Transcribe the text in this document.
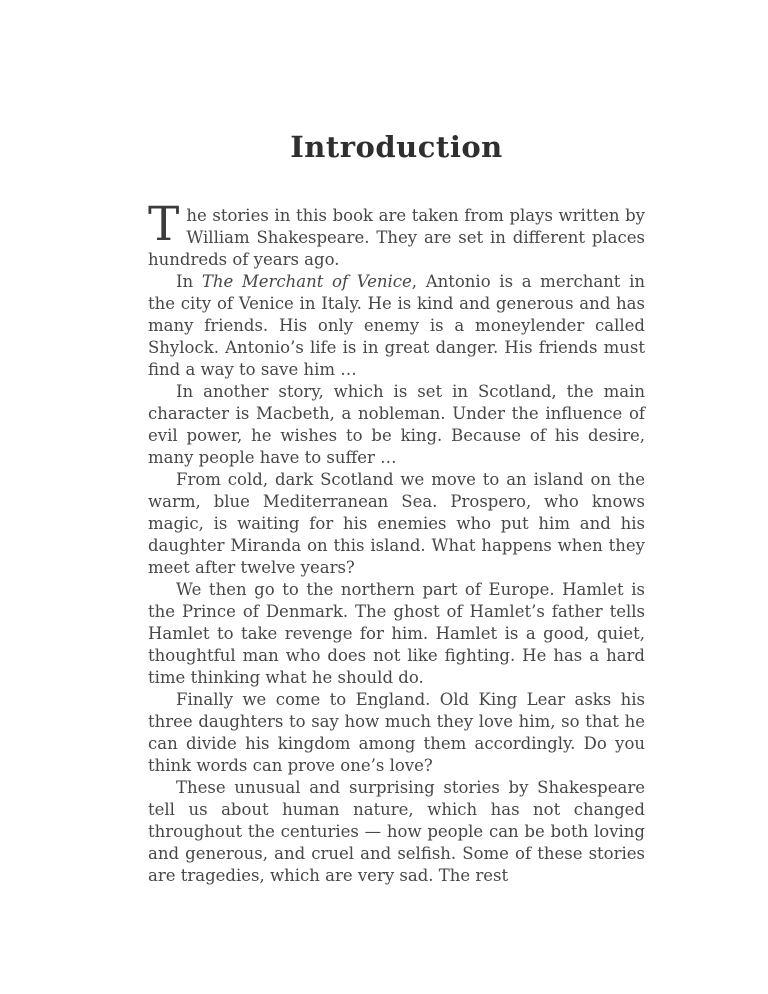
Introduction

The stories in this book are taken from plays written by William Shakespeare. They are set in different places hundreds of years ago.

In The Merchant of Venice, Antonio is a merchant in the city of Venice in Italy. He is kind and generous and has many friends. His only enemy is a moneylender called Shylock. Antonio’s life is in great danger. His friends must find a way to save him …

In another story, which is set in Scotland, the main character is Macbeth, a nobleman. Under the influence of evil power, he wishes to be king. Because of his desire, many people have to suffer …

From cold, dark Scotland we move to an island on the warm, blue Mediterranean Sea. Prospero, who knows magic, is waiting for his enemies who put him and his daughter Miranda on this island. What happens when they meet after twelve years?

We then go to the northern part of Europe. Hamlet is the Prince of Denmark. The ghost of Hamlet’s father tells Hamlet to take revenge for him. Hamlet is a good, quiet, thoughtful man who does not like fighting. He has a hard time thinking what he should do.

Finally we come to England. Old King Lear asks his three daughters to say how much they love him, so that he can divide his kingdom among them accordingly. Do you think words can prove one’s love?

These unusual and surprising stories by Shakespeare tell us about human nature, which has not changed throughout the centuries — how people can be both loving and generous, and cruel and selfish. Some of these stories are tragedies, which are very sad. The rest
